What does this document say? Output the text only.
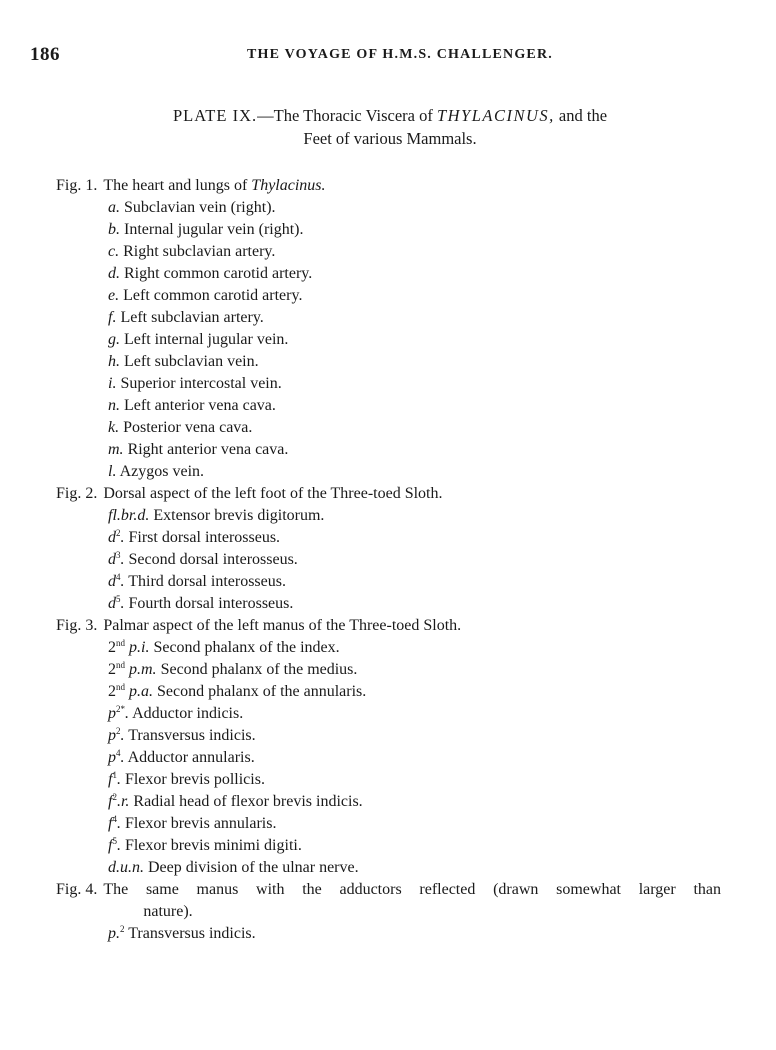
186	THE VOYAGE OF H.M.S. CHALLENGER.
PLATE IX.—The Thoracic Viscera of THYLACINUS, and the
Feet of various Mammals.
Fig. 1. The heart and lungs of Thylacinus.
a. Subclavian vein (right).
b. Internal jugular vein (right).
c. Right subclavian artery.
d. Right common carotid artery.
e. Left common carotid artery.
f. Left subclavian artery.
g. Left internal jugular vein.
h. Left subclavian vein.
i. Superior intercostal vein.
n. Left anterior vena cava.
k. Posterior vena cava.
m. Right anterior vena cava.
l. Azygos vein.
Fig. 2. Dorsal aspect of the left foot of the Three-toed Sloth.
fl.br.d. Extensor brevis digitorum.
$d^2$. First dorsal interosseus.
$d^3$. Second dorsal interosseus.
$d^4$. Third dorsal interosseus.
$d^5$. Fourth dorsal interosseus.
Fig. 3. Palmar aspect of the left manus of the Three-toed Sloth.
2nd p.i. Second phalanx of the index.
2nd p.m. Second phalanx of the medius.
2nd p.a. Second phalanx of the annularis.
$p^{2*}$. Adductor indicis.
$p^2$. Transversus indicis.
$p^4$. Adductor annularis.
$f^1$. Flexor brevis pollicis.
$f^2.r$. Radial head of flexor brevis indicis.
$f^4$. Flexor brevis annularis.
$f^5$. Flexor brevis minimi digiti.
d.u.n. Deep division of the ulnar nerve.
Fig. 4. The same manus with the adductors reflected (drawn somewhat larger than
nature).
p.$^2$ Transversus indicis.
